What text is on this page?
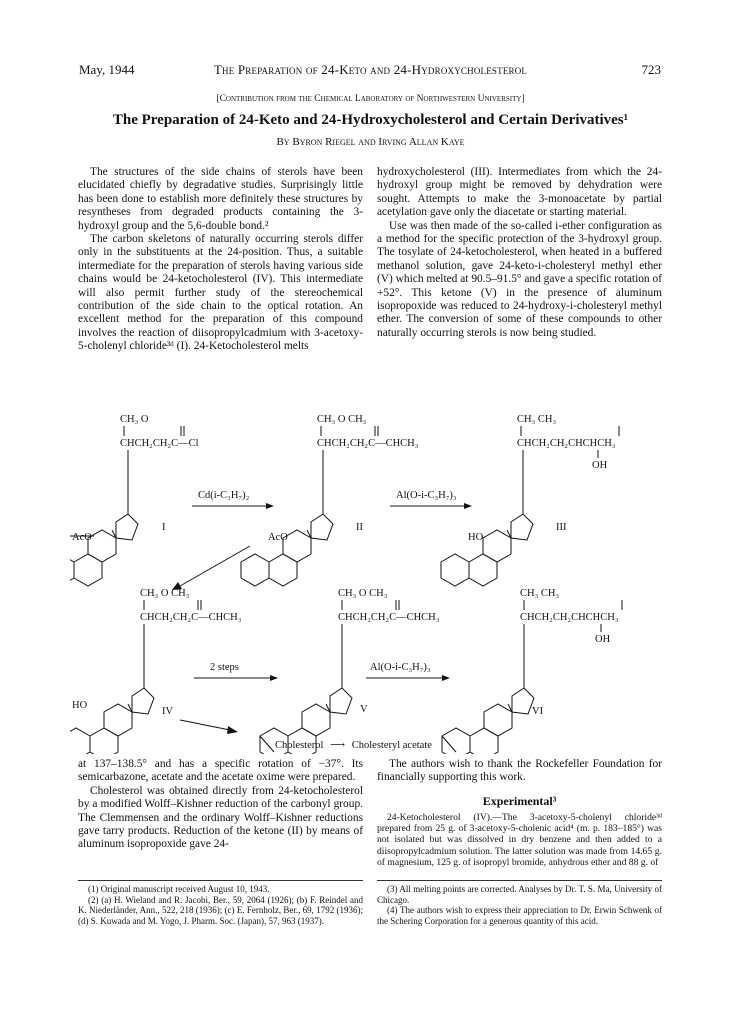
May, 1944	The Preparation of 24-Keto and 24-Hydroxycholesterol	723
[Contribution from the Chemical Laboratory of Northwestern University]
The Preparation of 24-Keto and 24-Hydroxycholesterol and Certain Derivatives¹
By Byron Riegel and Irving Allan Kaye

The structures of the side chains of sterols have been elucidated chiefly by degradative studies. Surprisingly little has been done to establish more definitely these structures by resyntheses from degraded products containing the 3-hydroxyl group and the 5,6-double bond.²

The carbon skeletons of naturally occurring sterols differ only in the substituents at the 24-position. Thus, a suitable intermediate for the preparation of sterols having various side chains would be 24-ketocholesterol (IV). This intermediate will also permit further study of the stereochemical contribution of the side chain to the optical rotation. An excellent method for the preparation of this compound involves the reaction of diisopropylcadmium with 3-acetoxy-5-cholenyl chloride³ᵈ (I). 24-Ketocholesterol melts

hydroxycholesterol (III). Intermediates from which the 24-hydroxyl group might be removed by dehydration were sought. Attempts to make the 3-monoacetate by partial acetylation gave only the diacetate or starting material.

Use was then made of the so-called i-ether configuration as a method for the specific protection of the 3-hydroxyl group. The tosylate of 24-ketocholesterol, when heated in a buffered methanol solution, gave 24-keto-i-cholesteryl methyl ether (V) which melted at 90.5–91.5° and gave a specific rotation of +52°. This ketone (V) in the presence of aluminum isopropoxide was reduced to 24-hydroxy-i-cholesteryl methyl ether. The conversion of some of these compounds to other naturally occurring sterols is now being studied.

CH₃ O
CHCH₂CH₂C—Cl
CH₃ O CH₃
CHCH₂CH₂C—CHCH₃
CH₃ CH₃
CHCH₂CH₂CHCHCH₃
OH
AcO
I
AcO
II
HO
III
Cd(i-C₃H₇)₂	Al(O-i-C₃H₇)₃
CH₃ O CH₃
CHCH₂CH₂C—CHCH₃
CH₃ O CH₃
CHCH₂CH₂C—CHCH₃
CH₃ CH₃
CHCH₂CH₂CHCHCH₃
OH
HO
IV	V	VI
2 steps	Al(O-i-C₃H₇)₃
Cholesterol ⟶ Cholesteryl acetate

at 137–138.5° and has a specific rotation of −37°. Its semicarbazone, acetate and the acetate oxime were prepared.

Cholesterol was obtained directly from 24-ketocholesterol by a modified Wolff–Kishner reduction of the carbonyl group. The Clemmensen and the ordinary Wolff–Kishner reductions gave tarry products. Reduction of the ketone (II) by means of aluminum isopropoxide gave 24-

The authors wish to thank the Rockefeller Foundation for financially supporting this work.

Experimental³

24-Ketocholesterol (IV).—The 3-acetoxy-5-cholenyl chloride³ᵈ prepared from 25 g. of 3-acetoxy-5-cholenic acid⁴ (m. p. 183–185°) was not isolated but was dissolved in dry benzene and then added to a diisopropylcadmium solution. The latter solution was made from 14.65 g. of magnesium, 125 g. of isopropyl bromide, anhydrous ether and 88 g. of

(1) Original manuscript received August 10, 1943.

(2) (a) H. Wieland and R. Jacobi, Ber., 59, 2064 (1926); (b) F. Reindel and K. Niederländer, Ann., 522, 218 (1936); (c) E. Fernholz, Ber., 69, 1792 (1936); (d) S. Kuwada and M. Yogo, J. Pharm. Soc. (Japan), 57, 963 (1937).

(3) All melting points are corrected. Analyses by Dr. T. S. Ma, University of Chicago.

(4) The authors wish to express their appreciation to Dr. Erwin Schwenk of the Schering Corporation for a generous quantity of this acid.
